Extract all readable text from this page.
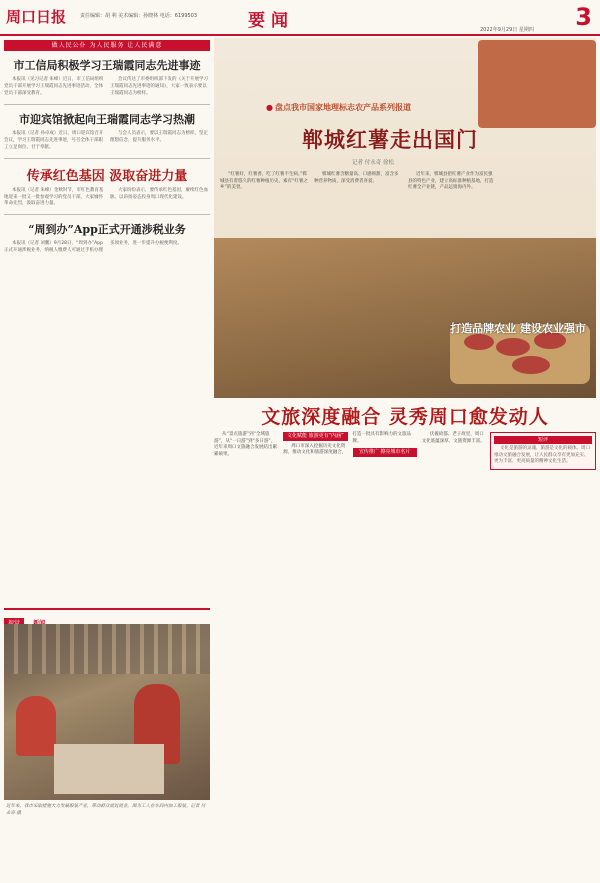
周口日报	责任编辑：胡 利 美术编辑：孙晓林 电话：6199503	要闻	2022年9月29日 星期四 3
做人民公仆 为人民服务 让人民满意
市工信局积极学习王瑞霞同志先进事迹

本报讯（见习记者 朱峰）近日，市工信局组织党员干部开展学习王瑞霞同志先进事迹活动，全体党员干部深受教育。

会议传达了市委组织部下发的《关于开展学习王瑞霞同志先进事迹的通知》，大家一致表示要以王瑞霞同志为榜样。

市迎宾馆掀起向王瑞霞同志学习热潮

本报讯（记者 孙卓成）近日，周口迎宾馆召开会议，学习王瑞霞同志先进事迹，号召全体干部职工立足岗位、甘于奉献。

与会人员表示，要以王瑞霞同志为榜样，坚定理想信念，提升服务水平。

传承红色基因 汲取奋进力量

本报讯（记者 朱峰）金秋时节，市红色教育基地迎来一批又一批参观学习的党员干部，大家缅怀革命先烈，汲取奋进力量。

大家纷纷表示，要传承红色基因，赓续红色血脉，以昂扬姿态投身周口现代化建设。

“周到办”App正式开通涉税业务

本报讯（记者 刘鹏）9月28日，“周到办”App正式开通涉税业务，纳税人缴费人可通过手机办理多项业务，进一步提升办税便利度。

近年来，我市采取措施大力发展服装产业，带动群众就近就业。图为工人在车间内加工服装。记者 付永奇 摄
● 盘点我市国家地理标志农产品系列报道
郸城红薯走出国门
记者 付永奇 徐松

“红薯好，红薯香，吃了红薯不生病。”郸城县有着悠久的红薯种植历史，素有“红薯之乡”的美誉。

郸城红薯含糖量高、口感绵甜，富含多种营养物质，深受消费者喜爱。

近年来，郸城县把红薯产业作为富民强县的特色产业，建立高标准种植基地，打造红薯全产业链，产品远销海内外。

打造品牌农业 建设农业强市
文旅深度融合 灵秀周口愈发动人

从“景点旅游”到“全域旅游”，从“一日游”到“多日游”，近年来周口文旅融合发展结出累累硕果。

文化赋能 旅游更有“内涵”

周口市深入挖掘历史文化资源，推动文化和旅游深度融合，打造一批具有影响力的文旅品牌。

宣传推广 擦亮城市名片

伏羲故都、老子故里，周口文化底蕴深厚，文旅资源丰富。	短评

文化是旅游的灵魂，旅游是文化的载体。周口推动文旅融合发展，让人民群众享有更加充实、更为丰富、更高质量的精神文化生活。
